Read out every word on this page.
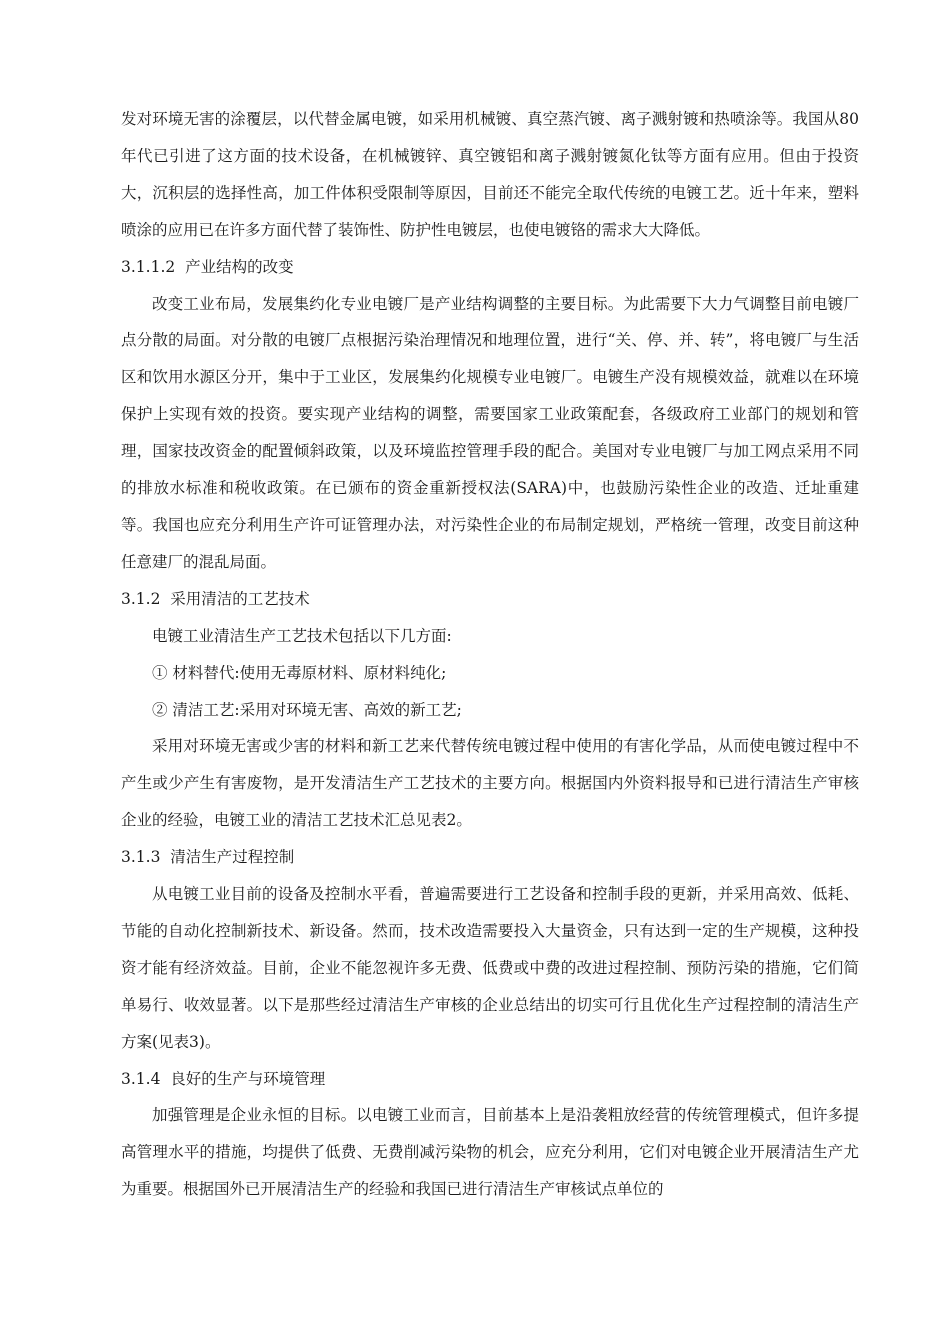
发对环境无害的涂覆层，以代替金属电镀，如采用机械镀、真空蒸汽镀、离子溅射镀和热喷涂等。我国从80年代已引进了这方面的技术设备，在机械镀锌、真空镀铝和离子溅射镀氮化钛等方面有应用。但由于投资大，沉积层的选择性高，加工件体积受限制等原因，目前还不能完全取代传统的电镀工艺。近十年来，塑料喷涂的应用已在许多方面代替了装饰性、防护性电镀层，也使电镀铬的需求大大降低。

3.1.1.2  产业结构的改变

改变工业布局，发展集约化专业电镀厂是产业结构调整的主要目标。为此需要下大力气调整目前电镀厂点分散的局面。对分散的电镀厂点根据污染治理情况和地理位置，进行“关、停、并、转”，将电镀厂与生活区和饮用水源区分开，集中于工业区，发展集约化规模专业电镀厂。电镀生产没有规模效益，就难以在环境保护上实现有效的投资。要实现产业结构的调整，需要国家工业政策配套，各级政府工业部门的规划和管理，国家技改资金的配置倾斜政策，以及环境监控管理手段的配合。美国对专业电镀厂与加工网点采用不同的排放水标准和税收政策。在已颁布的资金重新授权法(SARA)中，也鼓励污染性企业的改造、迁址重建等。我国也应充分利用生产许可证管理办法，对污染性企业的布局制定规划，严格统一管理，改变目前这种任意建厂的混乱局面。

3.1.2  采用清洁的工艺技术

电镀工业清洁生产工艺技术包括以下几方面:

① 材料替代:使用无毒原材料、原材料纯化;

② 清洁工艺:采用对环境无害、高效的新工艺;

采用对环境无害或少害的材料和新工艺来代替传统电镀过程中使用的有害化学品，从而使电镀过程中不产生或少产生有害废物，是开发清洁生产工艺技术的主要方向。根据国内外资料报导和已进行清洁生产审核企业的经验，电镀工业的清洁工艺技术汇总见表2。

3.1.3  清洁生产过程控制

从电镀工业目前的设备及控制水平看，普遍需要进行工艺设备和控制手段的更新，并采用高效、低耗、节能的自动化控制新技术、新设备。然而，技术改造需要投入大量资金，只有达到一定的生产规模，这种投资才能有经济效益。目前，企业不能忽视许多无费、低费或中费的改进过程控制、预防污染的措施，它们简单易行、收效显著。以下是那些经过清洁生产审核的企业总结出的切实可行且优化生产过程控制的清洁生产方案(见表3)。

3.1.4  良好的生产与环境管理

加强管理是企业永恒的目标。以电镀工业而言，目前基本上是沿袭粗放经营的传统管理模式，但许多提高管理水平的措施，均提供了低费、无费削减污染物的机会，应充分利用，它们对电镀企业开展清洁生产尤为重要。根据国外已开展清洁生产的经验和我国已进行清洁生产审核试点单位的
